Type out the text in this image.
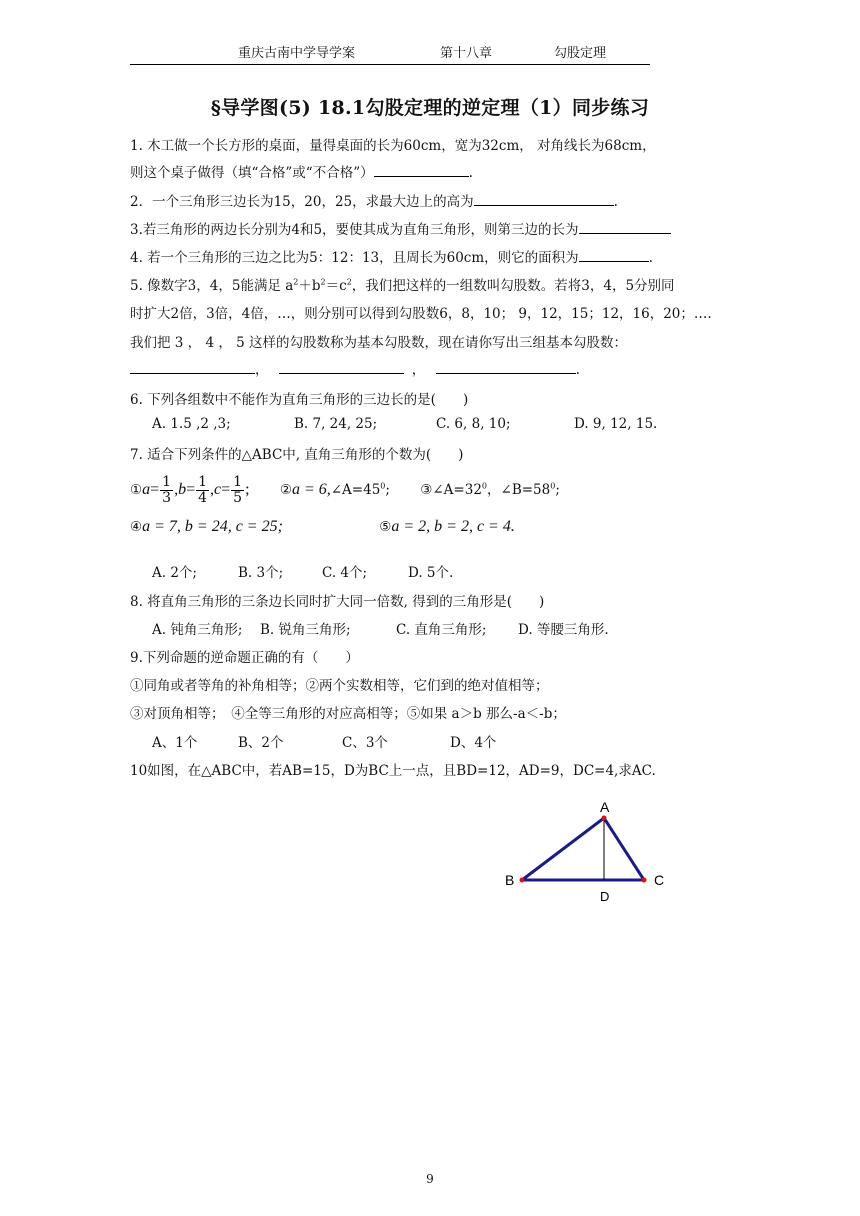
重庆古南中学导学案	第十八章	勾股定理
§导学图(5) 18.1勾股定理的逆定理（1）同步练习
1. 木工做一个长方形的桌面，量得桌面的长为60cm，宽为32cm， 对角线长为68cm，
则这个桌子做得（填“合格”或“不合格”）	.
2．一个三角形三边长为15，20，25，求最大边上的高为	.
3.若三角形的两边长分别为4和5，要使其成为直角三角形，则第三边的长为
4. 若一个三角形的三边之比为5：12：13，且周长为60cm，则它的面积为	.
5. 像数字3，4，5能满足 $a^2+b^2=c^2$，我们把这样的一组数叫勾股数。若将3，4，5分别同
时扩大2倍，3倍，4倍，…，则分别可以得到勾股数6，8，10； 9，12，15；12，16，20；….
我们把 3 ， 4 ， 5 这样的勾股数称为基本勾股数，现在请你写出三组基本勾股数：
，	，	.
6. 下列各组数中不能作为直角三角形的三边长的是(　　)
A. 1.5 ,2 ,3;	B. 7, 24, 25;	C. 6, 8, 10;	D. 9, 12, 15.
7. 适合下列条件的△ABC中, 直角三角形的个数为(　　)
①a= $\frac{1}{3} ,b= \frac{1}{4} ,c= \frac{1}{5}$ ; ②a = $6,\angle A=45^0$; $③\angle A=32^0$，$\angle B=58^0$;
④a = 7, b = 24, c = 25;	⑤a = 2, b = 2, c = 4.
A. 2个;	B. 3个;	C. 4个;	D. 5个.
8. 将直角三角形的三条边长同时扩大同一倍数, 得到的三角形是(　　)
A. 钝角三角形; B. 锐角三角形;	C. 直角三角形; D. 等腰三角形.
9.下列命题的逆命题正确的有（　　）
①同角或者等角的补角相等；②两个实数相等，它们到的绝对值相等；
③对顶角相等；　④全等三角形的对应高相等；⑤如果 a＞b 那么-a＜-b；
A、1个	B、2个	C、3个	D、4个
10如图，在△ABC中，若AB=15，D为BC上一点，且BD=12，AD=9，DC=4,求AC.
A
B	C
D
9
